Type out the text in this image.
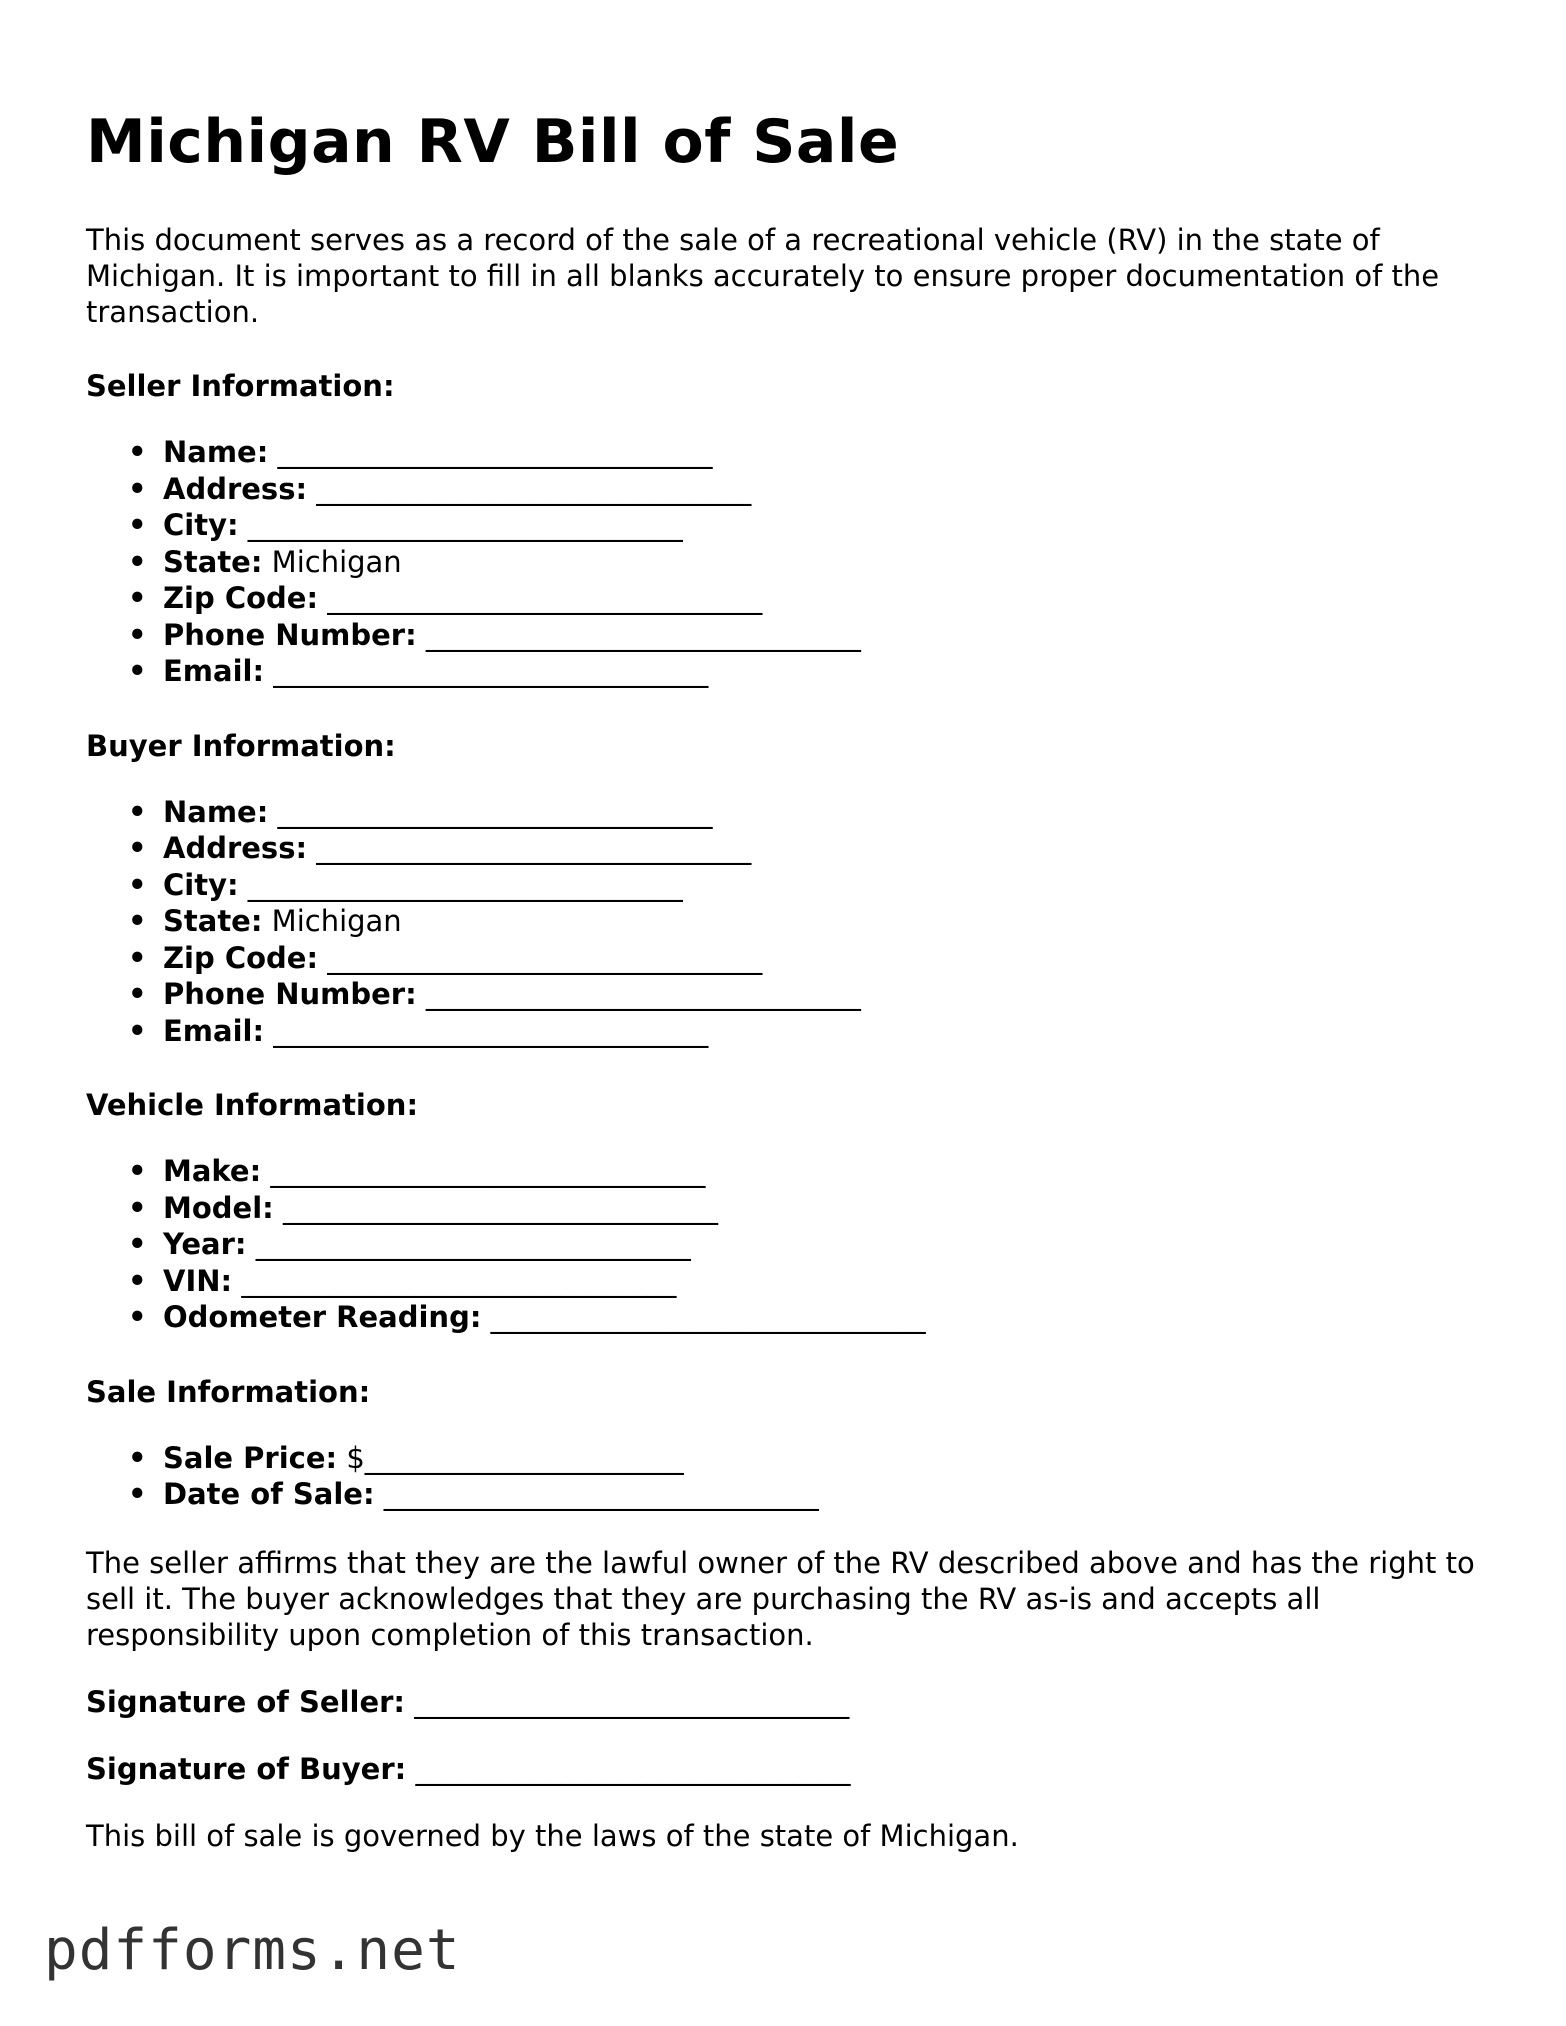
Michigan RV Bill of Sale

This document serves as a record of the sale of a recreational vehicle (RV) in the state of Michigan. It is important to fill in all blanks accurately to ensure proper documentation of the transaction.

Seller Information:
• Name: ______________________________
• Address: ______________________________
• City: ______________________________
• State: Michigan
• Zip Code: ______________________________
• Phone Number: ______________________________
• Email: ______________________________
Buyer Information:
• Name: ______________________________
• Address: ______________________________
• City: ______________________________
• State: Michigan
• Zip Code: ______________________________
• Phone Number: ______________________________
• Email: ______________________________
Vehicle Information:
• Make: ______________________________
• Model: ______________________________
• Year: ______________________________
• VIN: ______________________________
• Odometer Reading: ______________________________
Sale Information:
• Sale Price: $______________________
• Date of Sale: ______________________________

The seller affirms that they are the lawful owner of the RV described above and has the right to sell it. The buyer acknowledges that they are purchasing the RV as-is and accepts all responsibility upon completion of this transaction.

Signature of Seller: ______________________________
Signature of Buyer: ______________________________

This bill of sale is governed by the laws of the state of Michigan.

pdfforms.net
